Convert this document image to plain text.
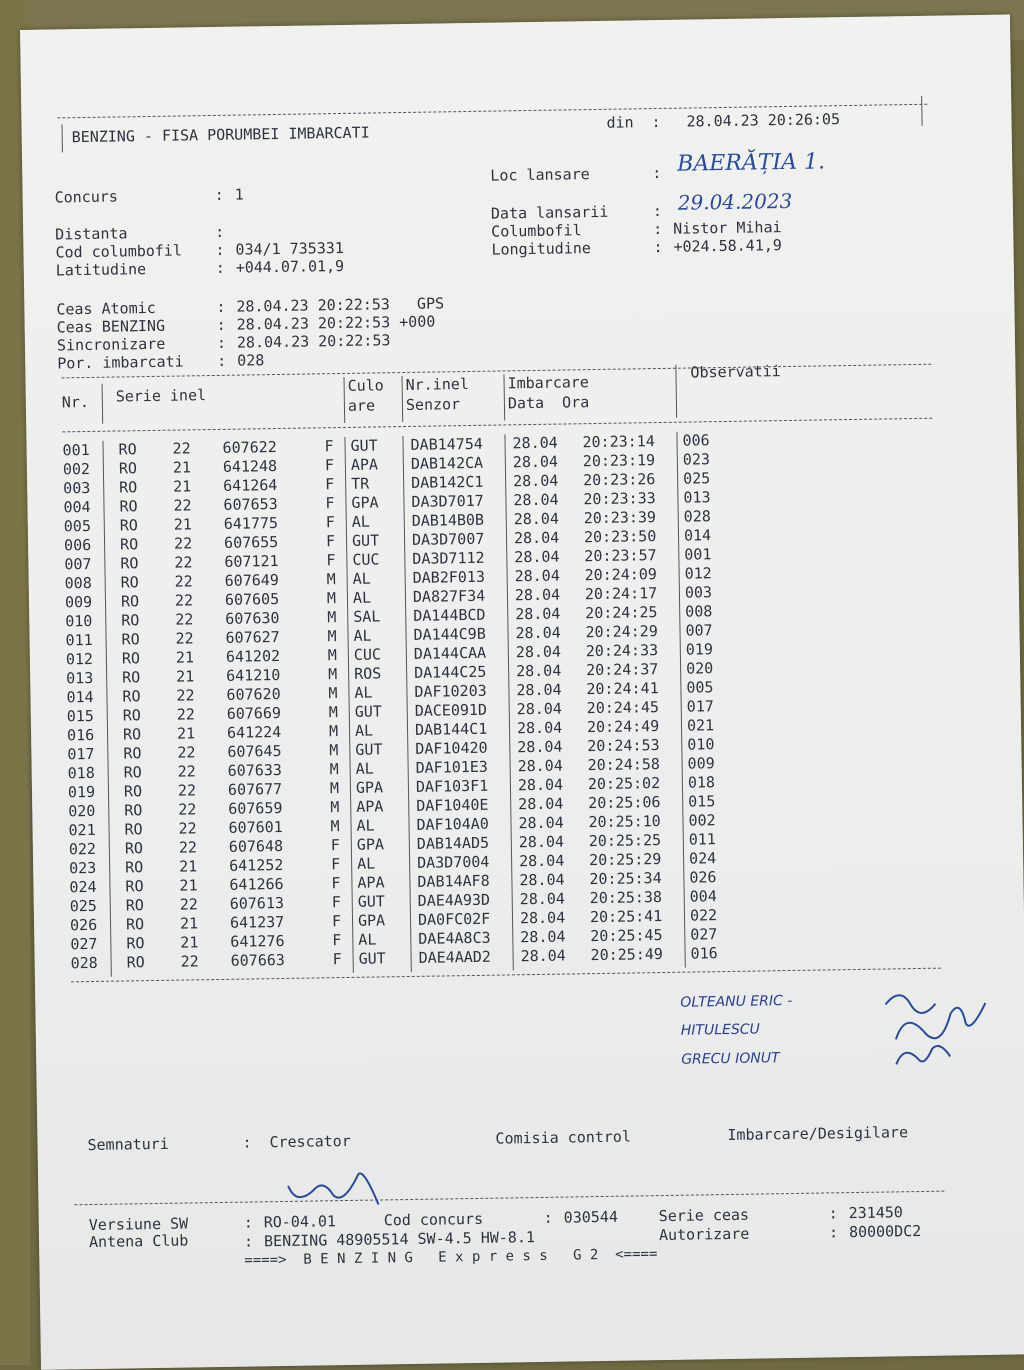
BENZING - FISA PORUMBEI IMBARCATI
din : 28.04.23 20:26:05
Concurs	: 1
Distanta	:
Cod columbofil : 034/1 735331
Latitudine	: +044.07.01,9
Loc lansare	: BAERĂȚIA 1.
Data lansarii	: 29.04.2023
Columbofil	: Nistor Mihai
Longitudine	: +024.58.41,9
Ceas Atomic	: 28.04.23 20:22:53   GPS
Ceas BENZING	: 28.04.23 20:22:53 +000
Sincronizare	: 28.04.23 20:22:53
Por. imbarcati : 028
Nr. Serie inel
Culo
are
Nr.inel
Senzor
Imbarcare
Data  Ora
Observatii
001 RO 22 607622	F GUT DAB14754 28.04 20:23:14 006
002 RO 21 641248	F APA DAB142CA 28.04 20:23:19 023
003 RO 21 641264	F TR	DAB142C1 28.04 20:23:26 025
004 RO 22 607653	F GPA DA3D7017 28.04 20:23:33 013
005 RO 21 641775	F AL	DAB14B0B 28.04 20:23:39 028
006 RO 22 607655	F GUT DA3D7007 28.04 20:23:50 014
007 RO 22 607121	F CUC DA3D7112 28.04 20:23:57 001
008 RO 22 607649	M AL	DAB2F013 28.04 20:24:09 012
009 RO 22 607605	M AL	DA827F34 28.04 20:24:17 003
010 RO 22 607630	M SAL DA144BCD 28.04 20:24:25 008
011 RO 22 607627	M AL	DA144C9B 28.04 20:24:29 007
012 RO 21 641202	M CUC DA144CAA 28.04 20:24:33 019
013 RO 21 641210	M ROS DA144C25 28.04 20:24:37 020
014 RO 22 607620	M AL	DAF10203 28.04 20:24:41 005
015 RO 22 607669	M GUT DACE091D 28.04 20:24:45 017
016 RO 21 641224	M AL	DAB144C1 28.04 20:24:49 021
017 RO 22 607645	M GUT DAF10420 28.04 20:24:53 010
018 RO 22 607633	M AL	DAF101E3 28.04 20:24:58 009
019 RO 22 607677	M GPA DAF103F1 28.04 20:25:02 018
020 RO 22 607659	M APA DAF1040E 28.04 20:25:06 015
021 RO 22 607601	M AL	DAF104A0 28.04 20:25:10 002
022 RO 22 607648	F GPA DAB14AD5 28.04 20:25:25 011
023 RO 21 641252	F AL	DA3D7004 28.04 20:25:29 024
024 RO 21 641266	F APA DAB14AF8 28.04 20:25:34 026
025 RO 22 607613	F GUT DAE4A93D 28.04 20:25:38 004
026 RO 21 641237	F GPA DA0FC02F 28.04 20:25:41 022
027 RO 21 641276	F AL	DAE4A8C3 28.04 20:25:45 027
028 RO 22 607663	F GUT DAE4AAD2 28.04 20:25:49 016
OLTEANU ERIC -
HITULESCU
GRECU IONUT
Semnaturi	: Crescator	Comisia control	Imbarcare/Desigilare
Versiune SW	: RO-04.01	Cod concurs	: 030544	Serie ceas	: 231450
Antena Club	: BENZING 48905514 SW-4.5 HW-8.1	Autorizare	: 80000DC2
====>  B E N Z I N G   E x p r e s s   G 2  <====
